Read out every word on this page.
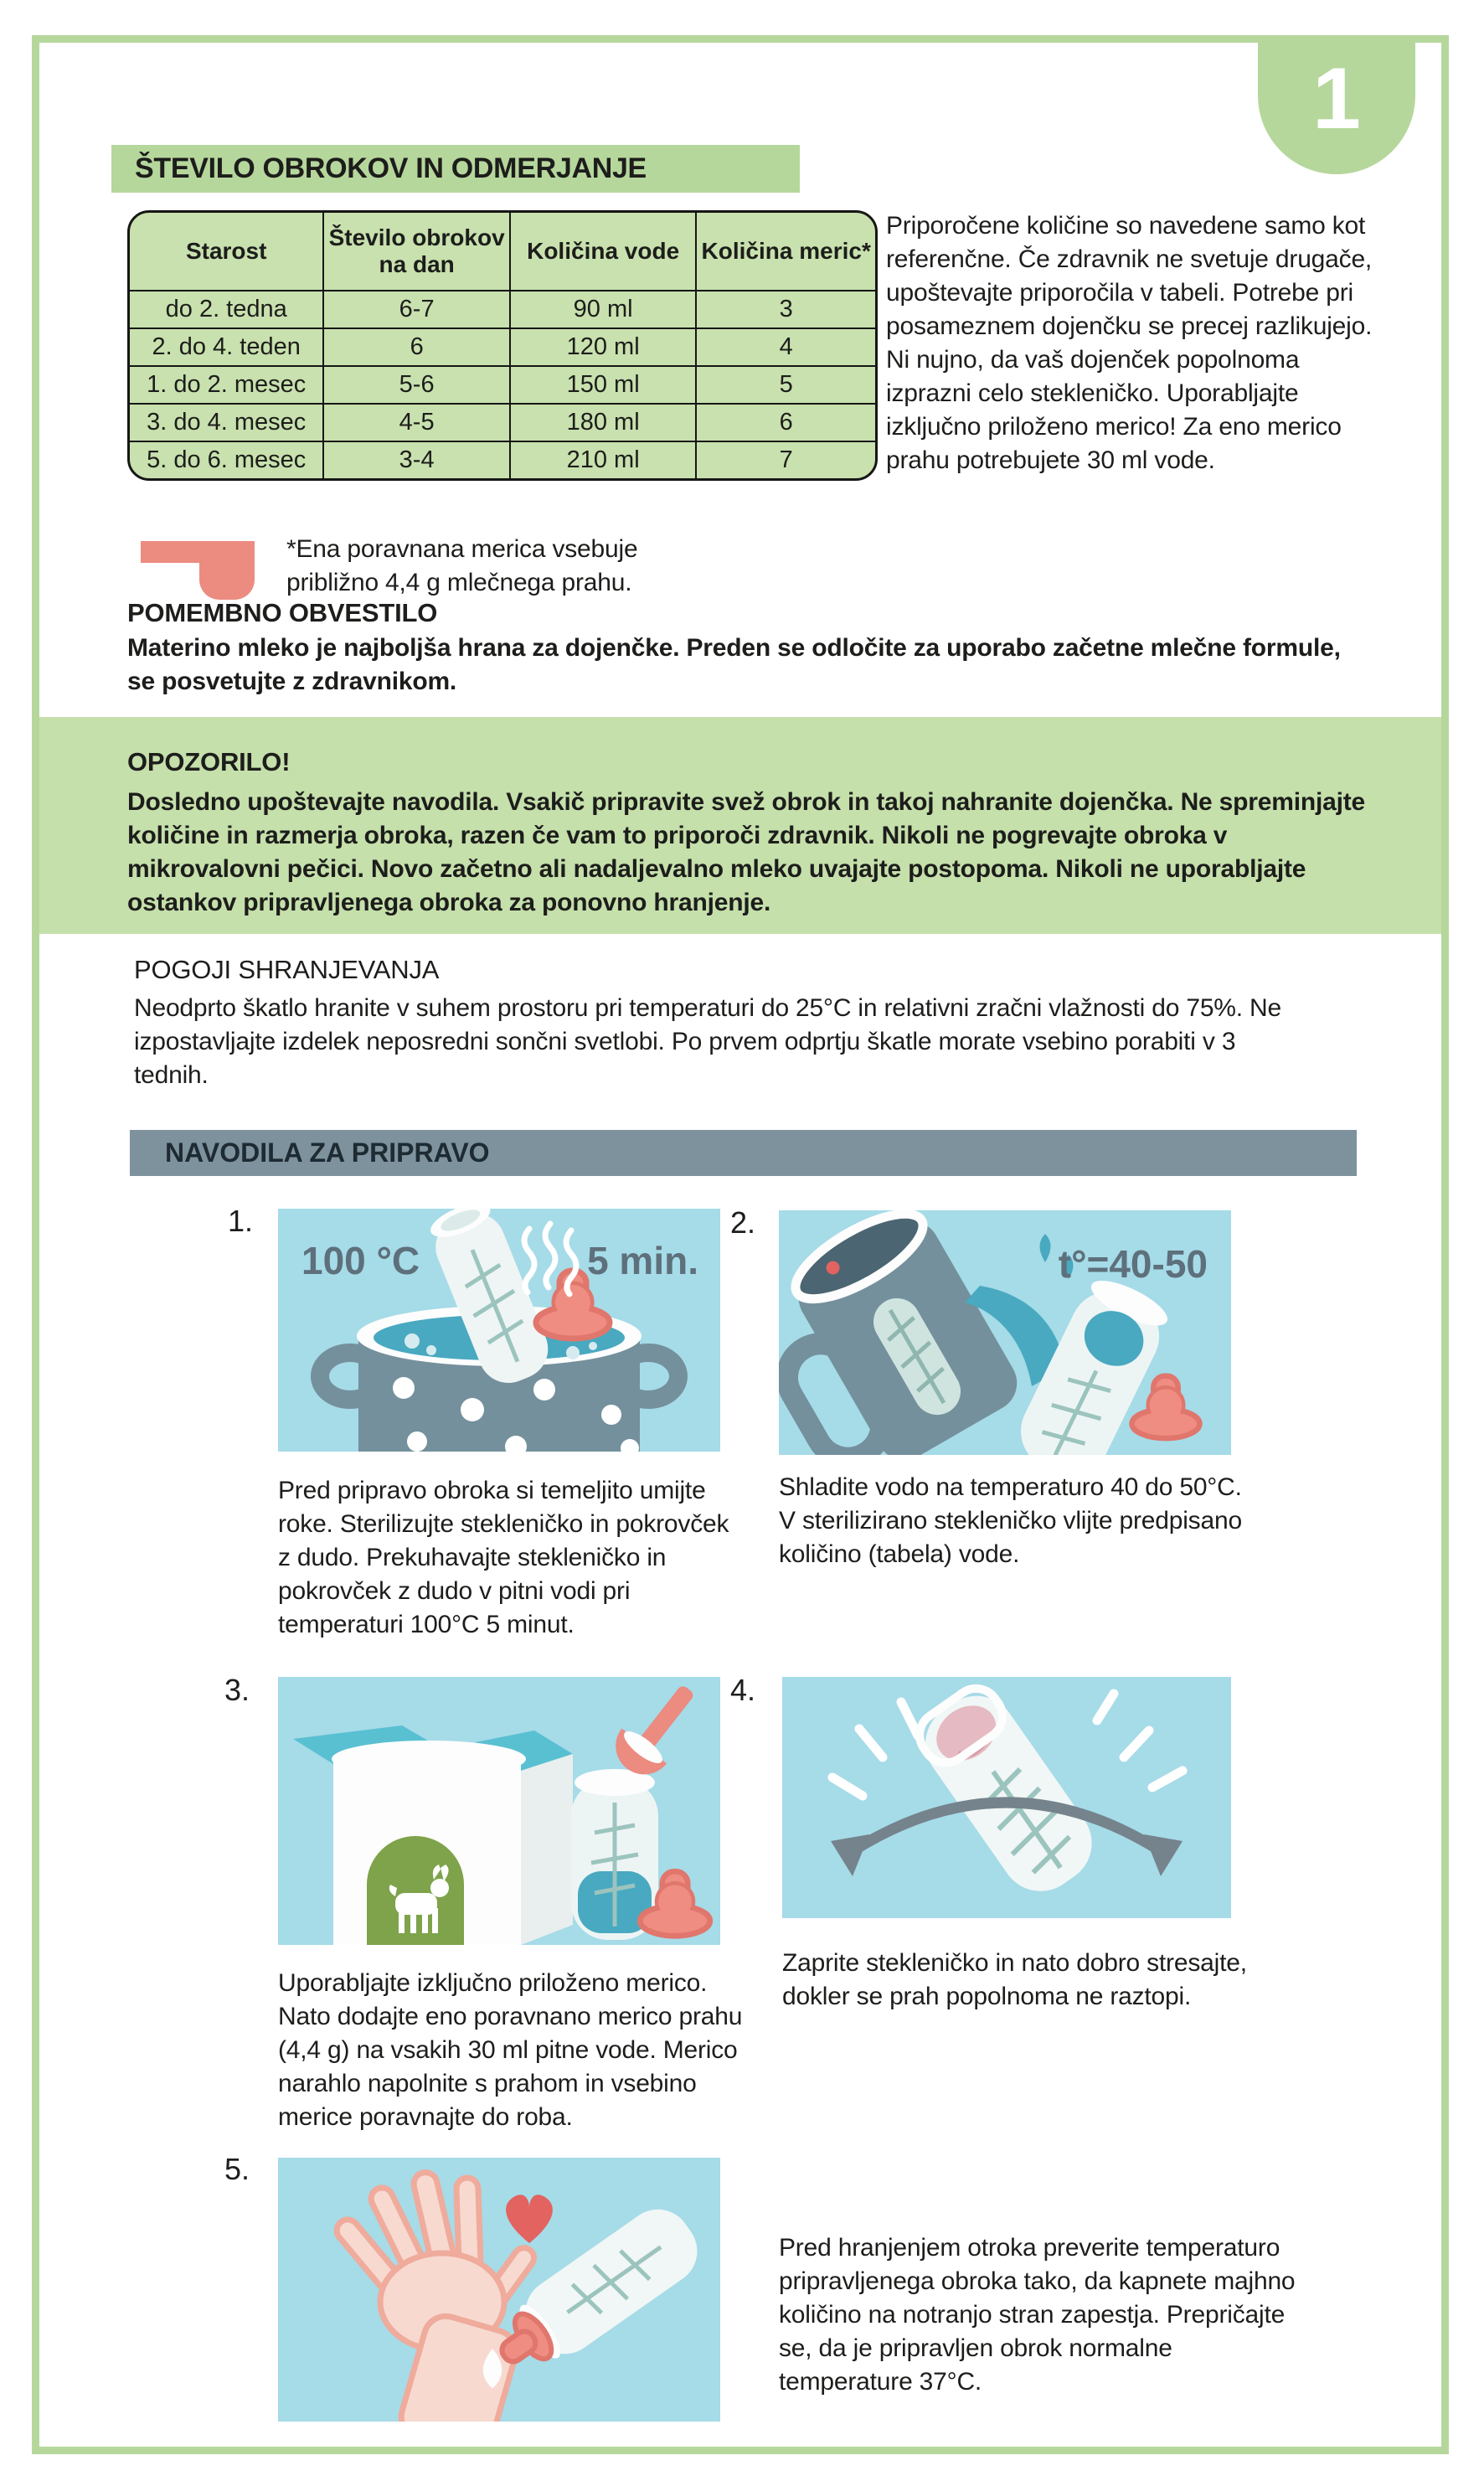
1
ŠTEVILO OBROKOV IN ODMERJANJE
Starost	Število obrokov na dan	Količina vode	Količina meric*
do 2. tedna	6-7	90 ml	3
2. do 4. teden	6	120 ml	4
1. do 2. mesec	5-6	150 ml	5
3. do 4. mesec	4-5	180 ml	6
5. do 6. mesec	3-4	210 ml	7
Priporočene količine so navedene samo kot referenčne. Če zdravnik ne svetuje drugače, upoštevajte priporočila v tabeli. Potrebe pri posameznem dojenčku se precej razlikujejo. Ni nujno, da vaš dojenček popolnoma izprazni celo stekleničko. Uporabljajte izključno priloženo merico! Za eno merico prahu potrebujete 30 ml vode.
*Ena poravnana merica vsebuje približno 4,4 g mlečnega prahu.
POMEMBNO OBVESTILO
Materino mleko je najboljša hrana za dojenčke. Preden se odločite za uporabo začetne mlečne formule, se posvetujte z zdravnikom.
OPOZORILO!
Dosledno upoštevajte navodila. Vsakič pripravite svež obrok in takoj nahranite dojenčka. Ne spreminjajte količine in razmerja obroka, razen če vam to priporoči zdravnik. Nikoli ne pogrevajte obroka v mikrovalovni pečici. Novo začetno ali nadaljevalno mleko uvajajte postopoma. Nikoli ne uporabljajte ostankov pripravljenega obroka za ponovno hranjenje.
POGOJI SHRANJEVANJA
Neodprto škatlo hranite v suhem prostoru pri temperaturi do 25°C in relativni zračni vlažnosti do 75%. Ne izpostavljajte izdelek neposredni sončni svetlobi. Po prvem odprtju škatle morate vsebino porabiti v 3 tednih.
NAVODILA ZA PRIPRAVO
1.
100 °C	5 min.
Pred pripravo obroka si temeljito umijte roke. Sterilizujte stekleničko in pokrovček z dudo. Prekuhavajte stekleničko in pokrovček z dudo v pitni vodi pri temperaturi 100°C 5 minut.
2.
t°=40-50
Shladite vodo na temperaturo 40 do 50°C. V sterilizirano stekleničko vlijte predpisano količino (tabela) vode.
3.
Uporabljajte izključno priloženo merico. Nato dodajte eno poravnano merico prahu (4,4 g) na vsakih 30 ml pitne vode. Merico narahlo napolnite s prahom in vsebino merice poravnajte do roba.
4.
Zaprite stekleničko in nato dobro stresajte, dokler se prah popolnoma ne raztopi.
5.
Pred hranjenjem otroka preverite temperaturo pripravljenega obroka tako, da kapnete majhno količino na notranjo stran zapestja. Prepričajte se, da je pripravljen obrok normalne temperature 37°C.
